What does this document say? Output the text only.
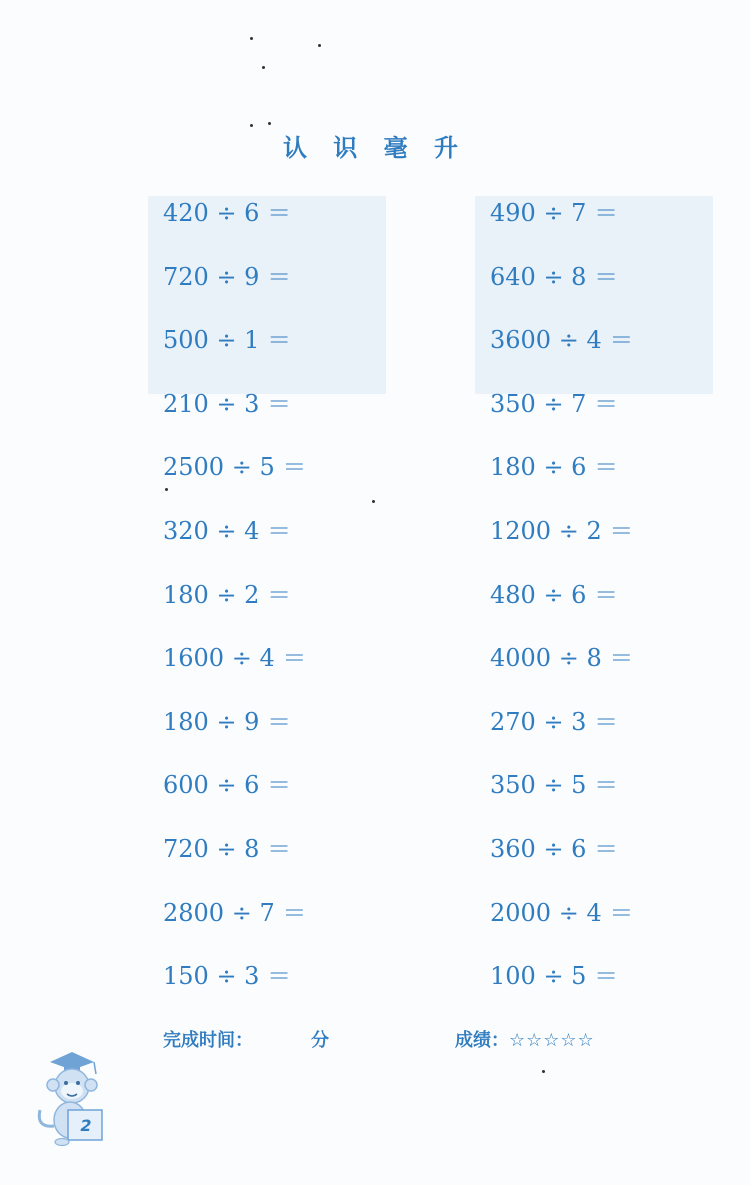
认 识 毫 升
420 ÷ 6 ＝
720 ÷ 9 ＝
500 ÷ 1 ＝
210 ÷ 3 ＝
2500 ÷ 5 ＝
320 ÷ 4 ＝
180 ÷ 2 ＝
1600 ÷ 4 ＝
180 ÷ 9 ＝
600 ÷ 6 ＝
720 ÷ 8 ＝
2800 ÷ 7 ＝
150 ÷ 3 ＝
490 ÷ 7 ＝
640 ÷ 8 ＝
3600 ÷ 4 ＝
350 ÷ 7 ＝
180 ÷ 6 ＝
1200 ÷ 2 ＝
480 ÷ 6 ＝
4000 ÷ 8 ＝
270 ÷ 3 ＝
350 ÷ 5 ＝
360 ÷ 6 ＝
2000 ÷ 4 ＝
100 ÷ 5 ＝
完成时间：	分	成绩：☆☆☆☆☆
2
